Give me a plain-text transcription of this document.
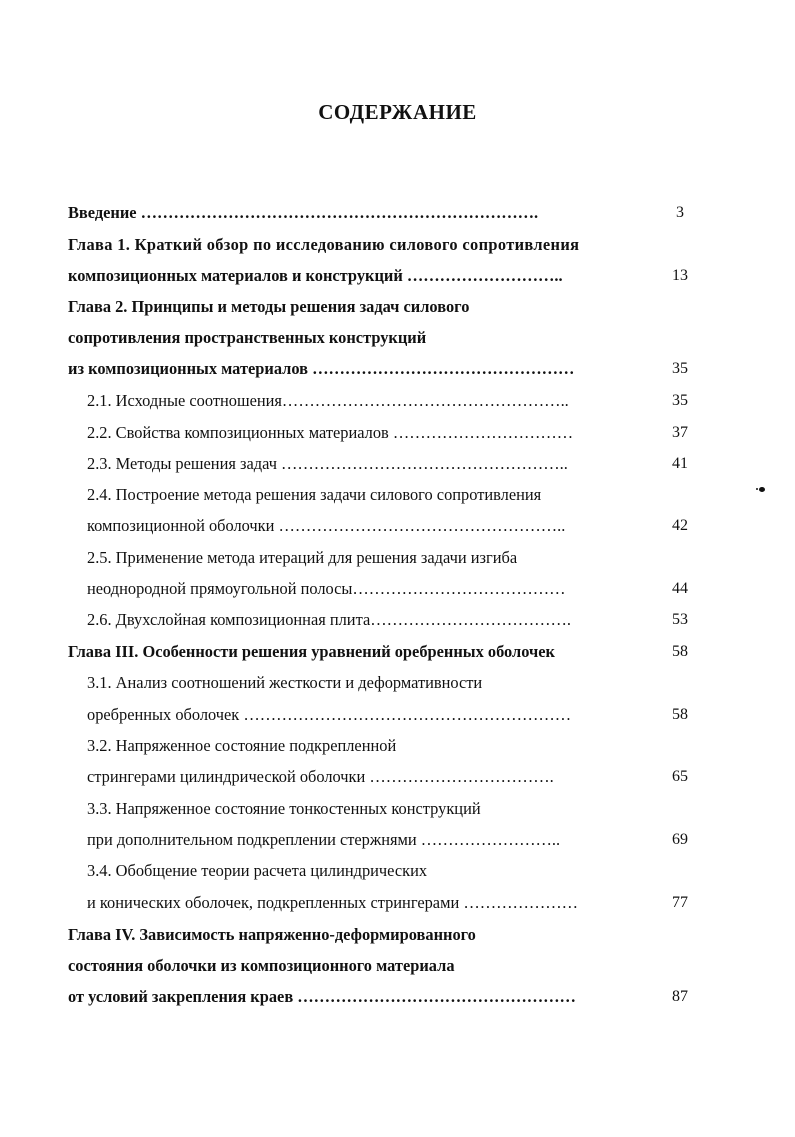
СОДЕРЖАНИЕ
Введение ……………………………………………………………….
Глава 1. Краткий обзор по исследованию силового сопротивления
композиционных материалов и конструкций ………………………..
Глава 2. Принципы и методы решения задач силового
сопротивления пространственных конструкций
из композиционных материалов …………………………………………
2.1. Исходные соотношения……………………………………………..
2.2. Свойства композиционных материалов ……………………………
2.3. Методы решения задач ……………………………………………..
2.4. Построение метода решения задачи силового сопротивления
композиционной оболочки ……………………………………………..
2.5. Применение метода итераций для решения задачи изгиба
неоднородной прямоугольной полосы…………………………………
2.6. Двухслойная композиционная плита……………………………….
Глава III. Особенности решения уравнений оребренных оболочек
3.1. Анализ соотношений жесткости и деформативности
оребренных оболочек ……………………………………………………
3.2. Напряженное состояние подкрепленной
стрингерами цилиндрической оболочки …………………………….
3.3. Напряженное состояние тонкостенных конструкций
при дополнительном подкреплении стержнями ……………………..
3.4. Обобщение теории расчета цилиндрических
и конических оболочек, подкрепленных стрингерами …………………
Глава IV. Зависимость напряженно-деформированного
состояния оболочки из композиционного материала
от условий закрепления краев ……………………………………………
3
13
35
35
37
41
42
44
53
58
58
65
69
77
87
